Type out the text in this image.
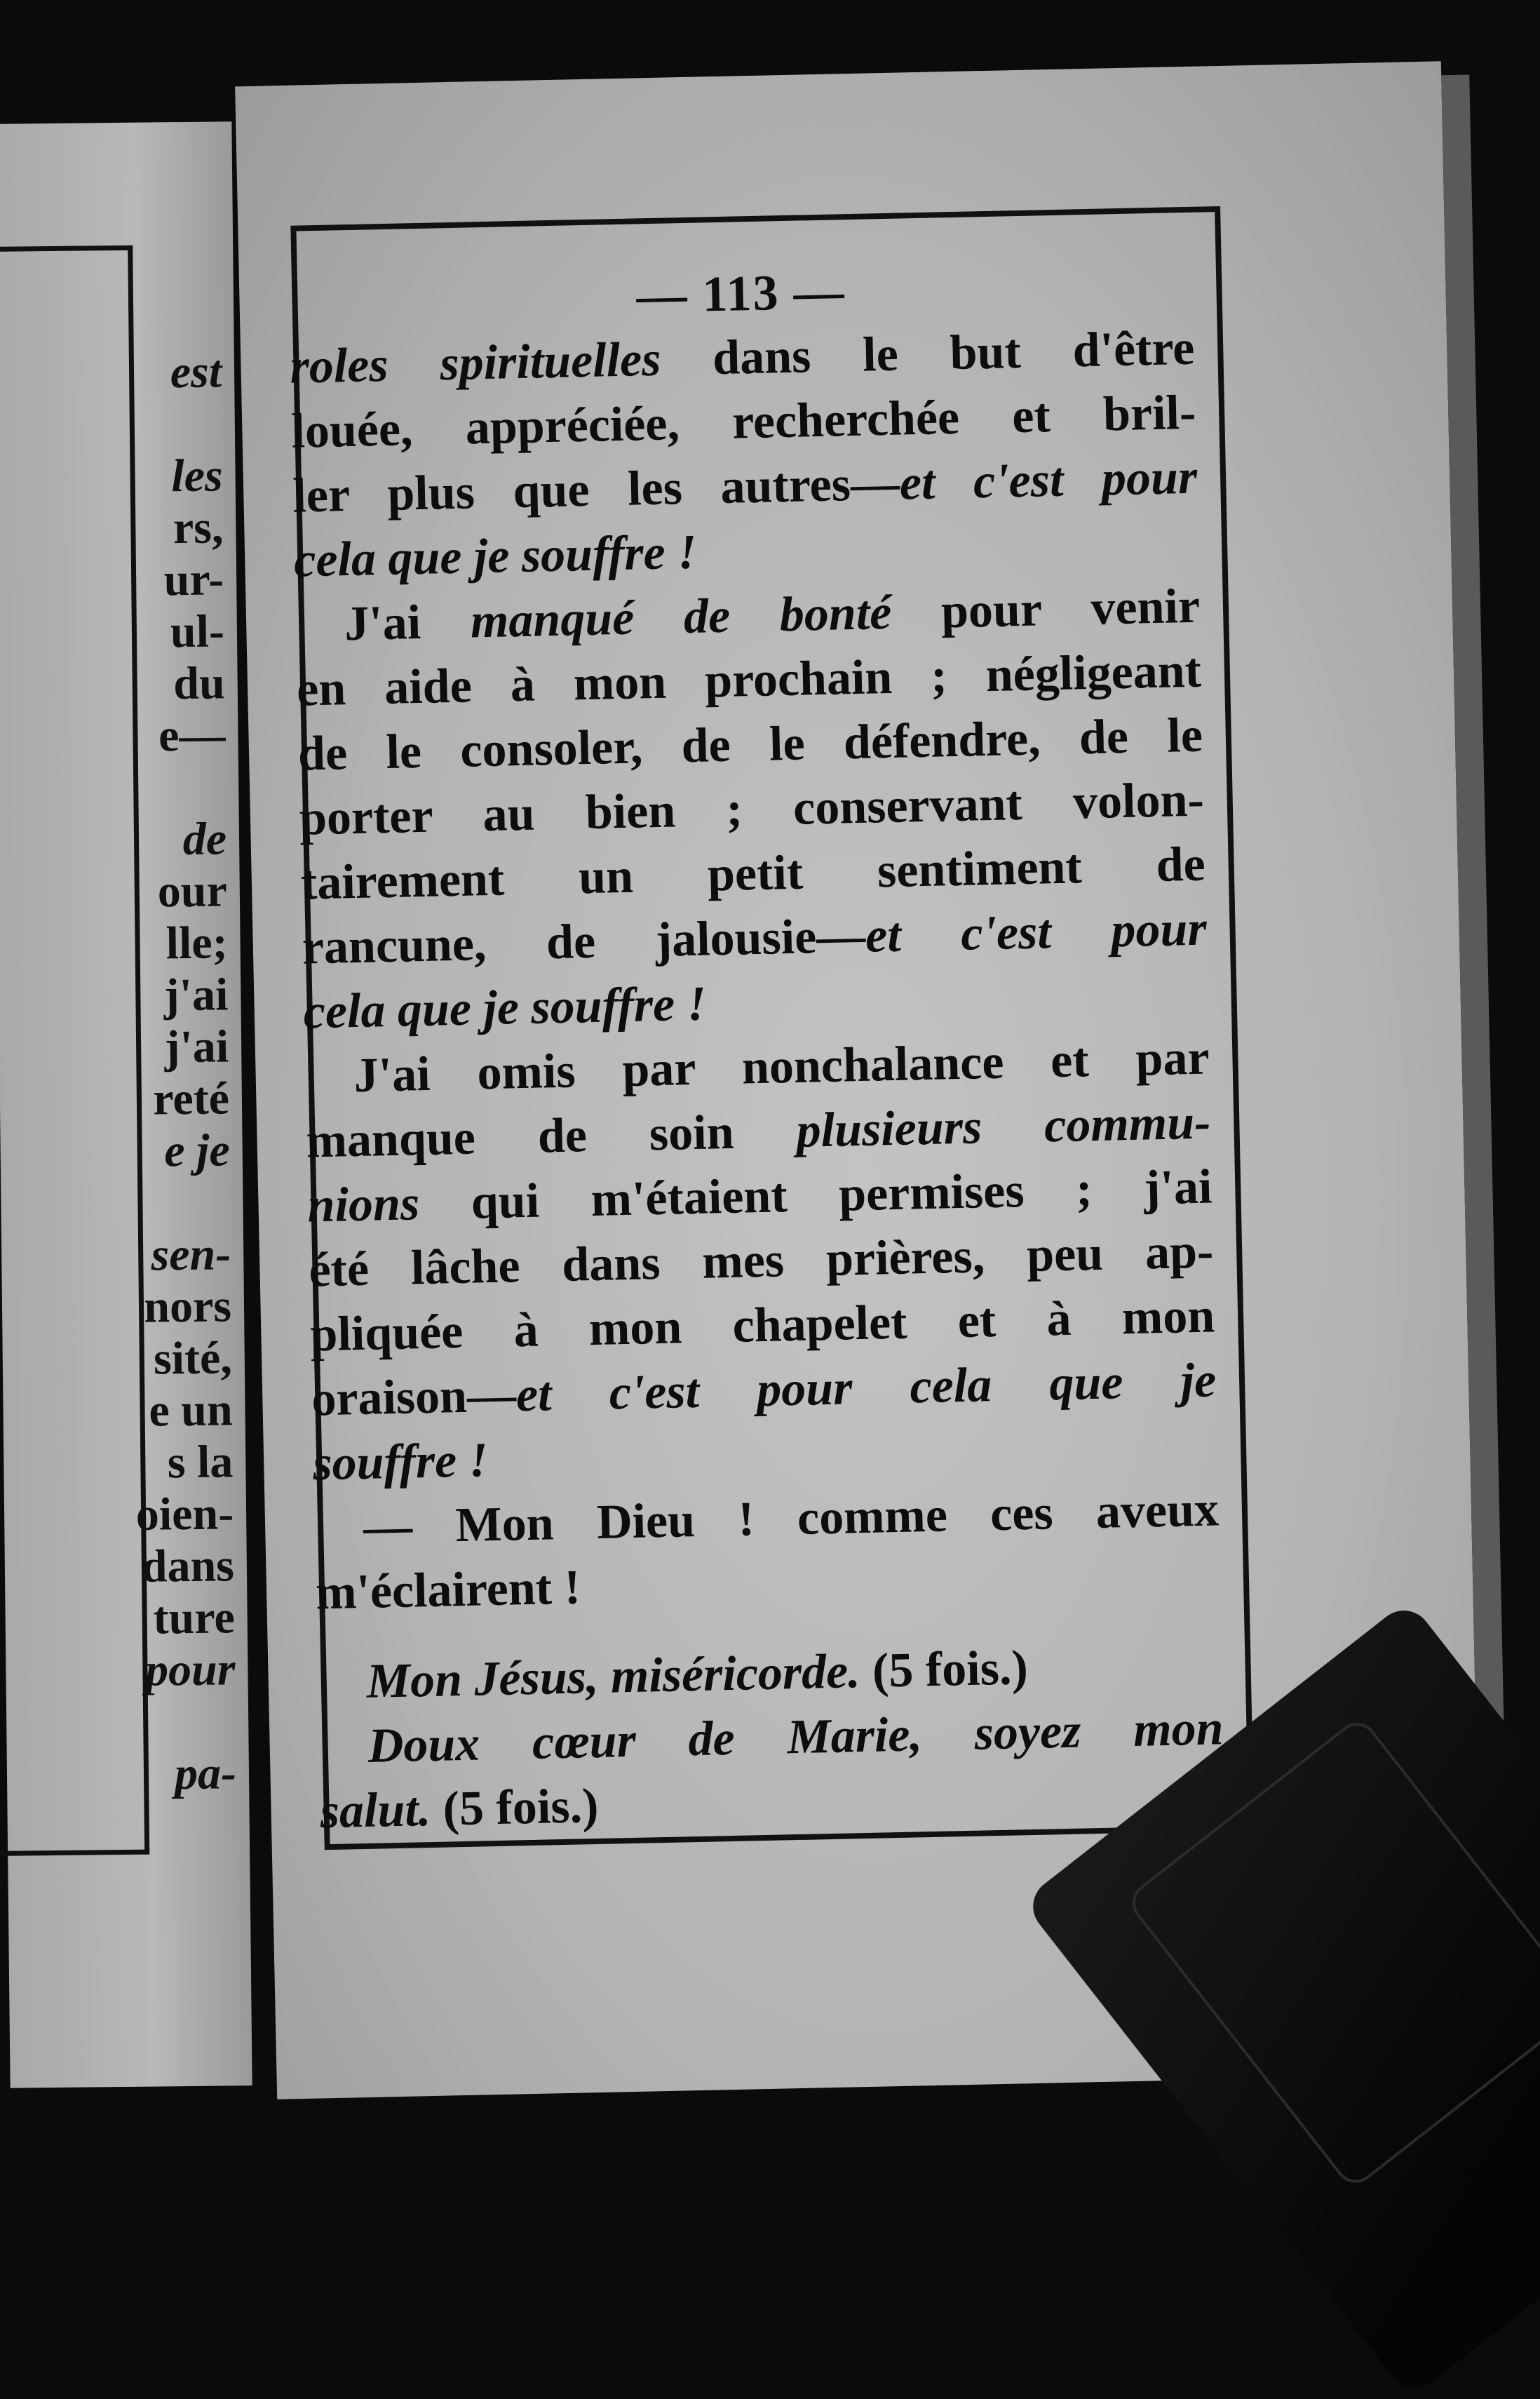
est

les
rs,
ur-
ul-
du
e—

de
our
lle;
j'ai
j'ai
reté
e je

sen-
nors
sité,
e un
s la
oien-
dans
ture
pour

pa-
— 113 —
roles spirituelles dans le but d'être
louée, appréciée, recherchée et bril-
ler plus que les autres—et c'est pour
cela que je souffre !
J'ai manqué de bonté pour venir
en aide à mon prochain ; négligeant
de le consoler, de le défendre, de le
porter au bien ; conservant volon-
tairement un petit sentiment de
rancune, de jalousie—et c'est pour
cela que je souffre !
J'ai omis par nonchalance et par
manque de soin plusieurs commu-
nions qui m'étaient permises ; j'ai
été lâche dans mes prières, peu ap-
pliquée à mon chapelet et à mon
oraison—et c'est pour cela que je
souffre !
— Mon Dieu ! comme ces aveux
m'éclairent !
Mon Jésus, miséricorde. (5 fois.)
Doux cœur de Marie, soyez mon
salut. (5 fois.)
